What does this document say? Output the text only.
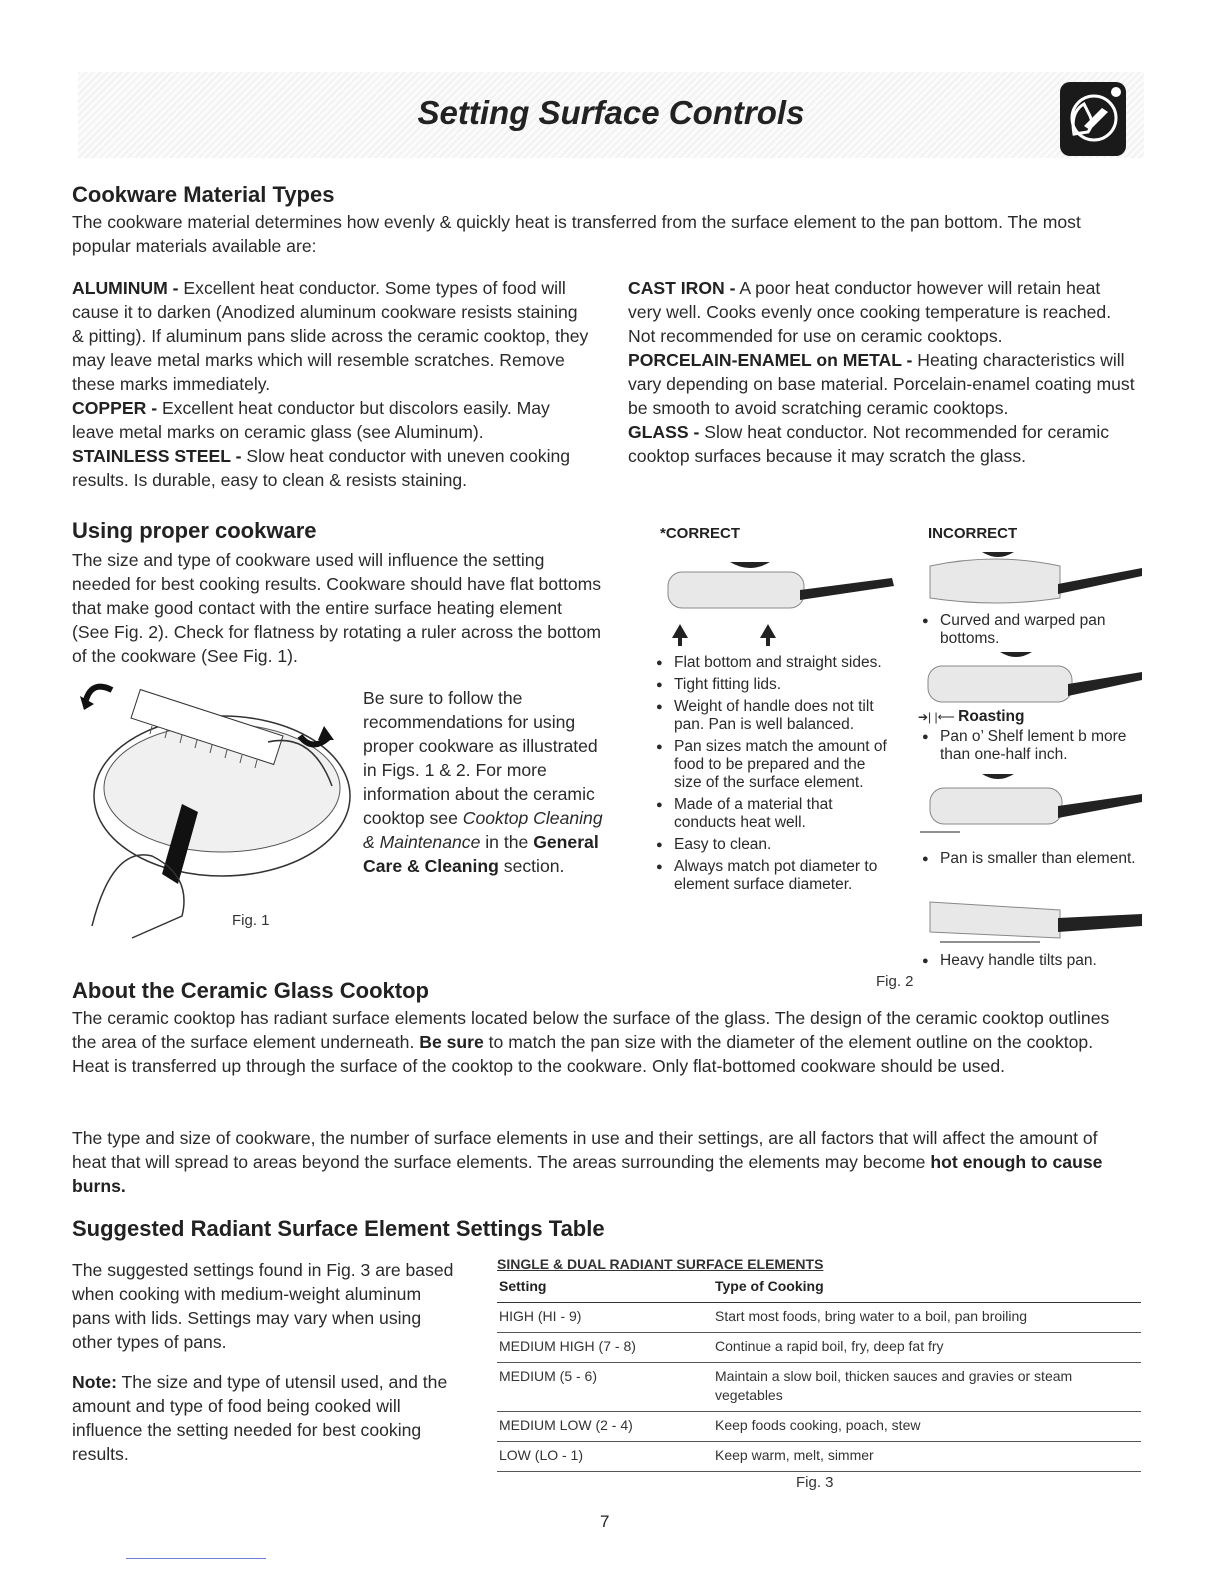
Setting Surface Controls
Cookware Material Types
The cookware material determines how evenly & quickly heat is transferred from the surface element to the pan bottom. The most popular materials available are:
ALUMINUM - Excellent heat conductor. Some types of food will cause it to darken (Anodized aluminum cookware resists staining & pitting). If aluminum pans slide across the ceramic cooktop, they may leave metal marks which will resemble scratches. Remove these marks immediately.
COPPER - Excellent heat conductor but discolors easily. May leave metal marks on ceramic glass (see Aluminum).
STAINLESS STEEL - Slow heat conductor with uneven cooking results. Is durable, easy to clean & resists staining.
CAST IRON - A poor heat conductor however will retain heat very well. Cooks evenly once cooking temperature is reached. Not recommended for use on ceramic cooktops.
PORCELAIN-ENAMEL on METAL - Heating characteristics will vary depending on base material. Porcelain-enamel coating must be smooth to avoid scratching ceramic cooktops.
GLASS - Slow heat conductor. Not recommended for ceramic cooktop surfaces because it may scratch the glass.
Using proper cookware
The size and type of cookware used will influence the setting needed for best cooking results. Cookware should have flat bottoms that make good contact with the entire surface heating element (See Fig. 2). Check for flatness by rotating a ruler across the bottom of the cookware (See Fig. 1).
Fig. 1
Be sure to follow the recommendations for using proper cookware as illustrated in Figs. 1 & 2. For more information about the ceramic cooktop see Cooktop Cleaning & Maintenance in the General Care & Cleaning section.
*CORRECT	INCORRECT
● Flat bottom and straight sides.
● Tight fitting lids.
● Weight of handle does not tilt pan. Pan is well balanced.
● Pan sizes match the amount of food to be prepared and the size of the surface element.
● Made of a material that conducts heat well.
● Easy to clean.
● Always match pot diameter to element surface diameter.
● Curved and warped pan bottoms.
➔| |⟵ Roasting
● Pan o’ Shelf lement b more than one-half inch.
● Pan is smaller than element.
● Heavy handle tilts pan.
Fig. 2
About the Ceramic Glass Cooktop
The ceramic cooktop has radiant surface elements located below the surface of the glass. The design of the ceramic cooktop outlines the area of the surface element underneath. Be sure to match the pan size with the diameter of the element outline on the cooktop. Heat is transferred up through the surface of the cooktop to the cookware. Only flat-bottomed cookware should be used.
The type and size of cookware, the number of surface elements in use and their settings, are all factors that will affect the amount of heat that will spread to areas beyond the surface elements. The areas surrounding the elements may become hot enough to cause burns.
Suggested Radiant Surface Element Settings Table
The suggested settings found in Fig. 3 are based when cooking with medium-weight aluminum pans with lids. Settings may vary when using other types of pans.
Note: The size and type of utensil used, and the amount and type of food being cooked will influence the setting needed for best cooking results.
SINGLE & DUAL RADIANT SURFACE ELEMENTS
Setting	Type of Cooking
HIGH (HI - 9)	Start most foods, bring water to a boil, pan broiling
MEDIUM HIGH (7 - 8)	Continue a rapid boil, fry, deep fat fry
MEDIUM (5 - 6)	Maintain a slow boil, thicken sauces and gravies or steam vegetables
MEDIUM LOW (2 - 4)	Keep foods cooking, poach, stew
LOW (LO - 1)	Keep warm, melt, simmer
Fig. 3
7
